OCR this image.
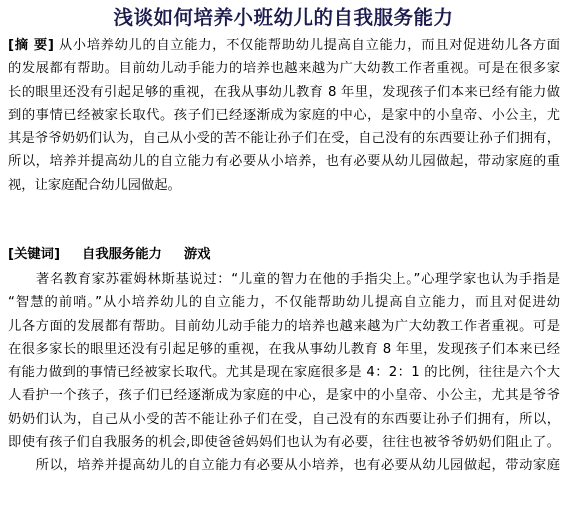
浅谈如何培养小班幼儿的自我服务能力
[摘 要] 从小培养幼儿的自立能力，不仅能帮助幼儿提高自立能力，而且对促进幼儿各方面
的发展都有帮助。目前幼儿动手能力的培养也越来越为广大幼教工作者重视。可是在很多家
长的眼里还没有引起足够的重视，在我从事幼儿教育 8 年里，发现孩子们本来已经有能力做
到的事情已经被家长取代。孩子们已经逐渐成为家庭的中心，是家中的小皇帝、小公主，尤
其是爷爷奶奶们认为，自己从小受的苦不能让孙子们在受，自己没有的东西要让孙子们拥有，
所以，培养并提高幼儿的自立能力有必要从小培养，也有必要从幼儿园做起，带动家庭的重
视，让家庭配合幼儿园做起。
[关键词] 自我服务能力 游戏
　　著名教育家苏霍姆林斯基说过：“儿童的智力在他的手指尖上。”心理学家也认为手指是
“智慧的前哨。”从小培养幼儿的自立能力，不仅能帮助幼儿提高自立能力，而且对促进幼
儿各方面的发展都有帮助。目前幼儿动手能力的培养也越来越为广大幼教工作者重视。可是
在很多家长的眼里还没有引起足够的重视，在我从事幼儿教育 8 年里，发现孩子们本来已经
有能力做到的事情已经被家长取代。尤其是现在家庭很多是 4：2：1 的比例，往往是六个大
人看护一个孩子，孩子们已经逐渐成为家庭的中心，是家中的小皇帝、小公主，尤其是爷爷
奶奶们认为，自己从小受的苦不能让孙子们在受，自己没有的东西要让孙子们拥有，所以，
即使有孩子们自我服务的机会,即使爸爸妈妈们也认为有必要，往往也被爷爷奶奶们阻止了。
　　所以，培养并提高幼儿的自立能力有必要从小培养，也有必要从幼儿园做起，带动家庭
